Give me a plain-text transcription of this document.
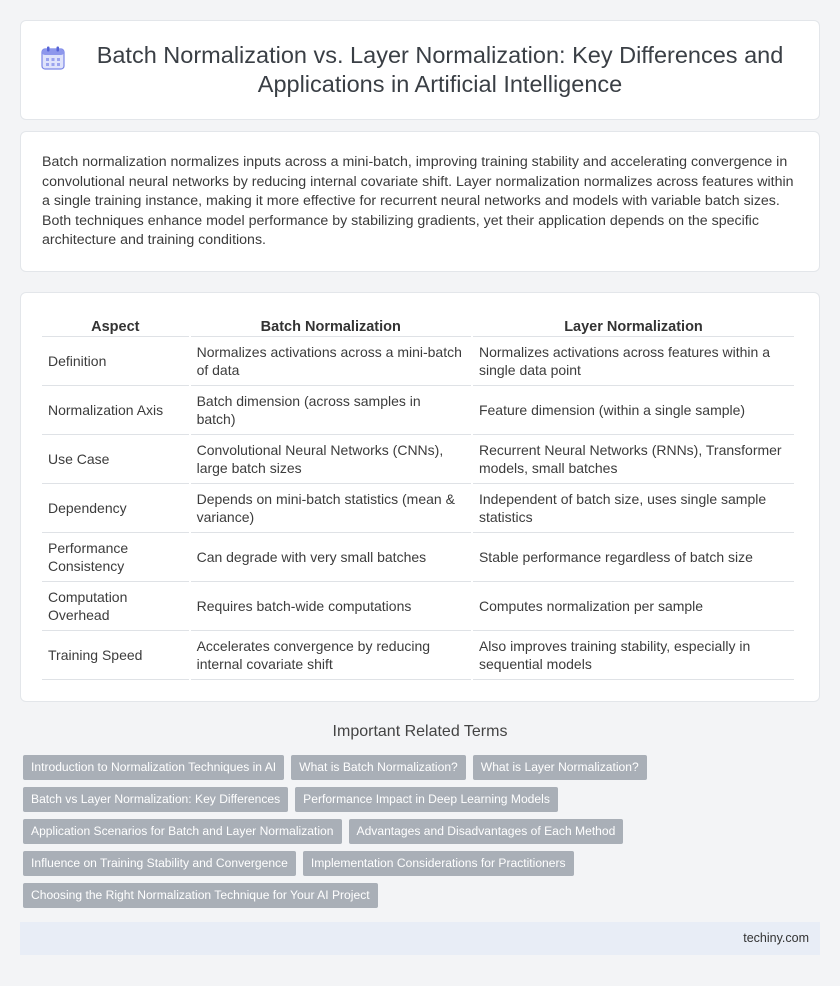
Batch Normalization vs. Layer Normalization: Key Differences and Applications in Artificial Intelligence

Batch normalization normalizes inputs across a mini-batch, improving training stability and accelerating convergence in convolutional neural networks by reducing internal covariate shift. Layer normalization normalizes across features within a single training instance, making it more effective for recurrent neural networks and models with variable batch sizes. Both techniques enhance model performance by stabilizing gradients, yet their application depends on the specific architecture and training conditions.

Aspect	Batch Normalization	Layer Normalization
Definition	Normalizes activations across a mini-batch of data	Normalizes activations across features within a single data point
Normalization Axis	Batch dimension (across samples in batch)	Feature dimension (within a single sample)
Use Case	Convolutional Neural Networks (CNNs), large batch sizes	Recurrent Neural Networks (RNNs), Transformer models, small batches
Dependency	Depends on mini-batch statistics (mean & variance)	Independent of batch size, uses single sample statistics
Performance Consistency	Can degrade with very small batches	Stable performance regardless of batch size
Computation Overhead	Requires batch-wide computations	Computes normalization per sample
Training Speed	Accelerates convergence by reducing internal covariate shift	Also improves training stability, especially in sequential models
Important Related Terms
Introduction to Normalization Techniques in AI	What is Batch Normalization?	What is Layer Normalization?
Batch vs Layer Normalization: Key Differences	Performance Impact in Deep Learning Models
Application Scenarios for Batch and Layer Normalization	Advantages and Disadvantages of Each Method
Influence on Training Stability and Convergence	Implementation Considerations for Practitioners
Choosing the Right Normalization Technique for Your AI Project
techiny.com
